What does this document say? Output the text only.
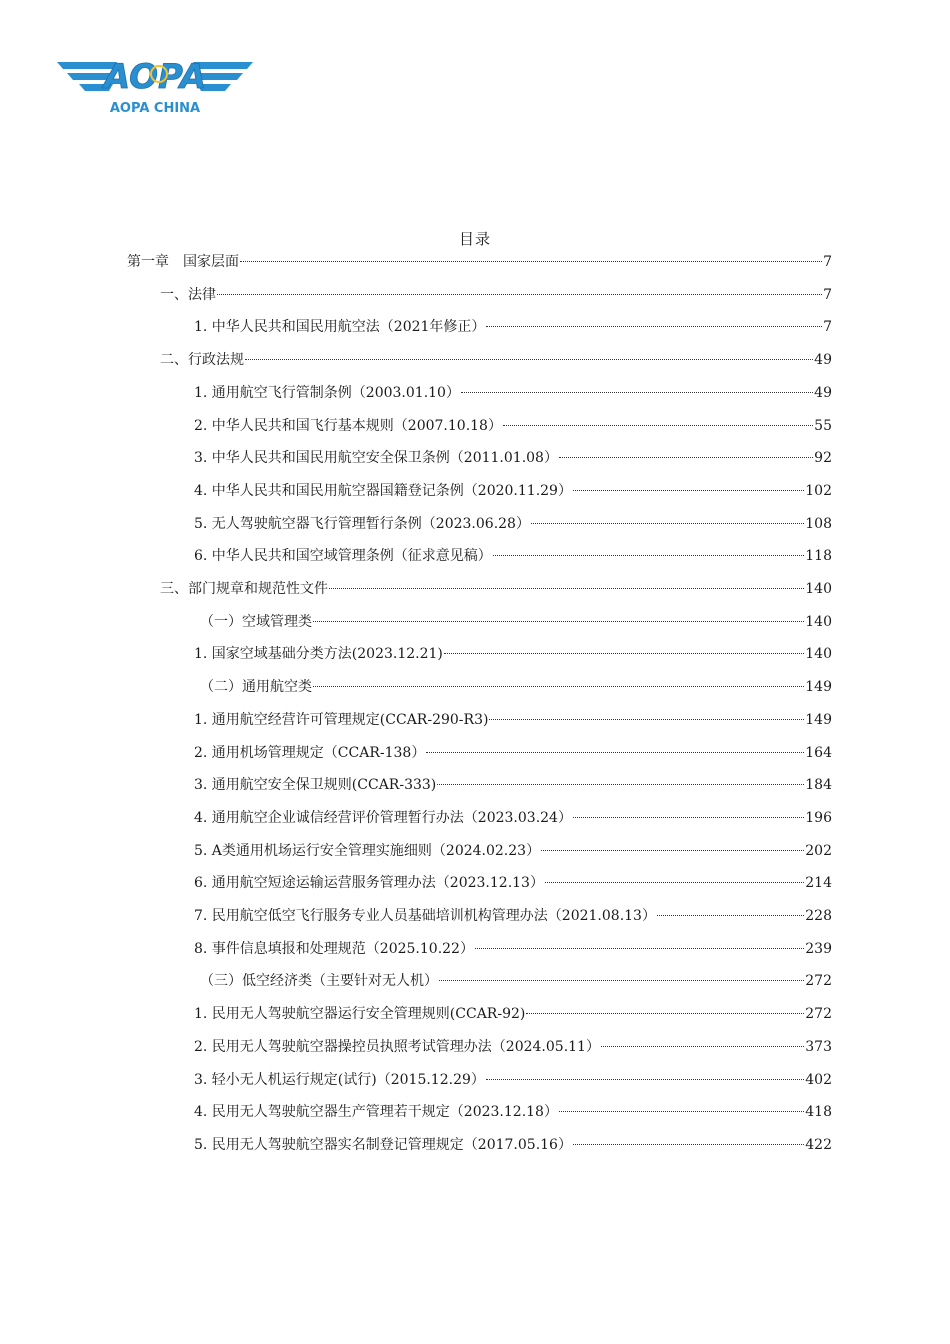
AOPA
AOPA CHINA
目录
第一章　国家层面	7
一、法律	7
1. 中华人民共和国民用航空法（2021年修正）	7
二、行政法规	49
1. 通用航空飞行管制条例（2003.01.10）	49
2. 中华人民共和国飞行基本规则（2007.10.18）	55
3. 中华人民共和国民用航空安全保卫条例（2011.01.08）	92
4. 中华人民共和国民用航空器国籍登记条例（2020.11.29）	102
5. 无人驾驶航空器飞行管理暂行条例（2023.06.28）	108
6. 中华人民共和国空域管理条例（征求意见稿）	118
三、部门规章和规范性文件	140
（一）空域管理类	140
1. 国家空域基础分类方法(2023.12.21)	140
（二）通用航空类	149
1. 通用航空经营许可管理规定(CCAR-290-R3)	149
2. 通用机场管理规定（CCAR-138）	164
3. 通用航空安全保卫规则(CCAR-333)	184
4. 通用航空企业诚信经营评价管理暂行办法（2023.03.24）	196
5. A类通用机场运行安全管理实施细则（2024.02.23）	202
6. 通用航空短途运输运营服务管理办法（2023.12.13）	214
7. 民用航空低空飞行服务专业人员基础培训机构管理办法（2021.08.13）	228
8. 事件信息填报和处理规范（2025.10.22）	239
（三）低空经济类（主要针对无人机）	272
1. 民用无人驾驶航空器运行安全管理规则(CCAR-92)	272
2. 民用无人驾驶航空器操控员执照考试管理办法（2024.05.11）	373
3. 轻小无人机运行规定(试行)（2015.12.29）	402
4. 民用无人驾驶航空器生产管理若干规定（2023.12.18）	418
5. 民用无人驾驶航空器实名制登记管理规定（2017.05.16）	422
